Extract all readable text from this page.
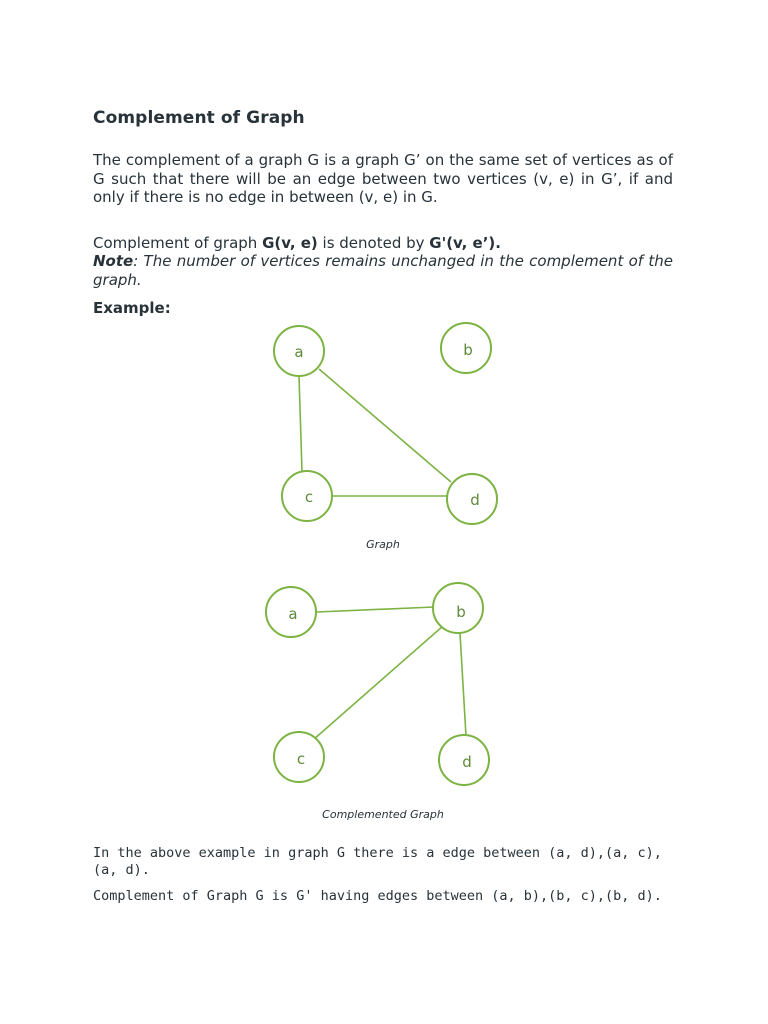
Complement of Graph

The complement of a graph G is a graph G’ on the same set of vertices as of G such that there will be an edge between two vertices (v, e) in G’, if and only if there is no edge in between (v, e) in G.

Complement of graph G(v, e) is denoted by G'(v, e’).

Note: The number of vertices remains unchanged in the complement of the graph.

Example:

a	b
c	d
Graph
a	b
c	d
Complemented Graph

In the above example in graph G there is a edge between (a, d),(a, c),(a, d).

Complement of Graph G is G' having edges between (a, b),(b, c),(b, d).
